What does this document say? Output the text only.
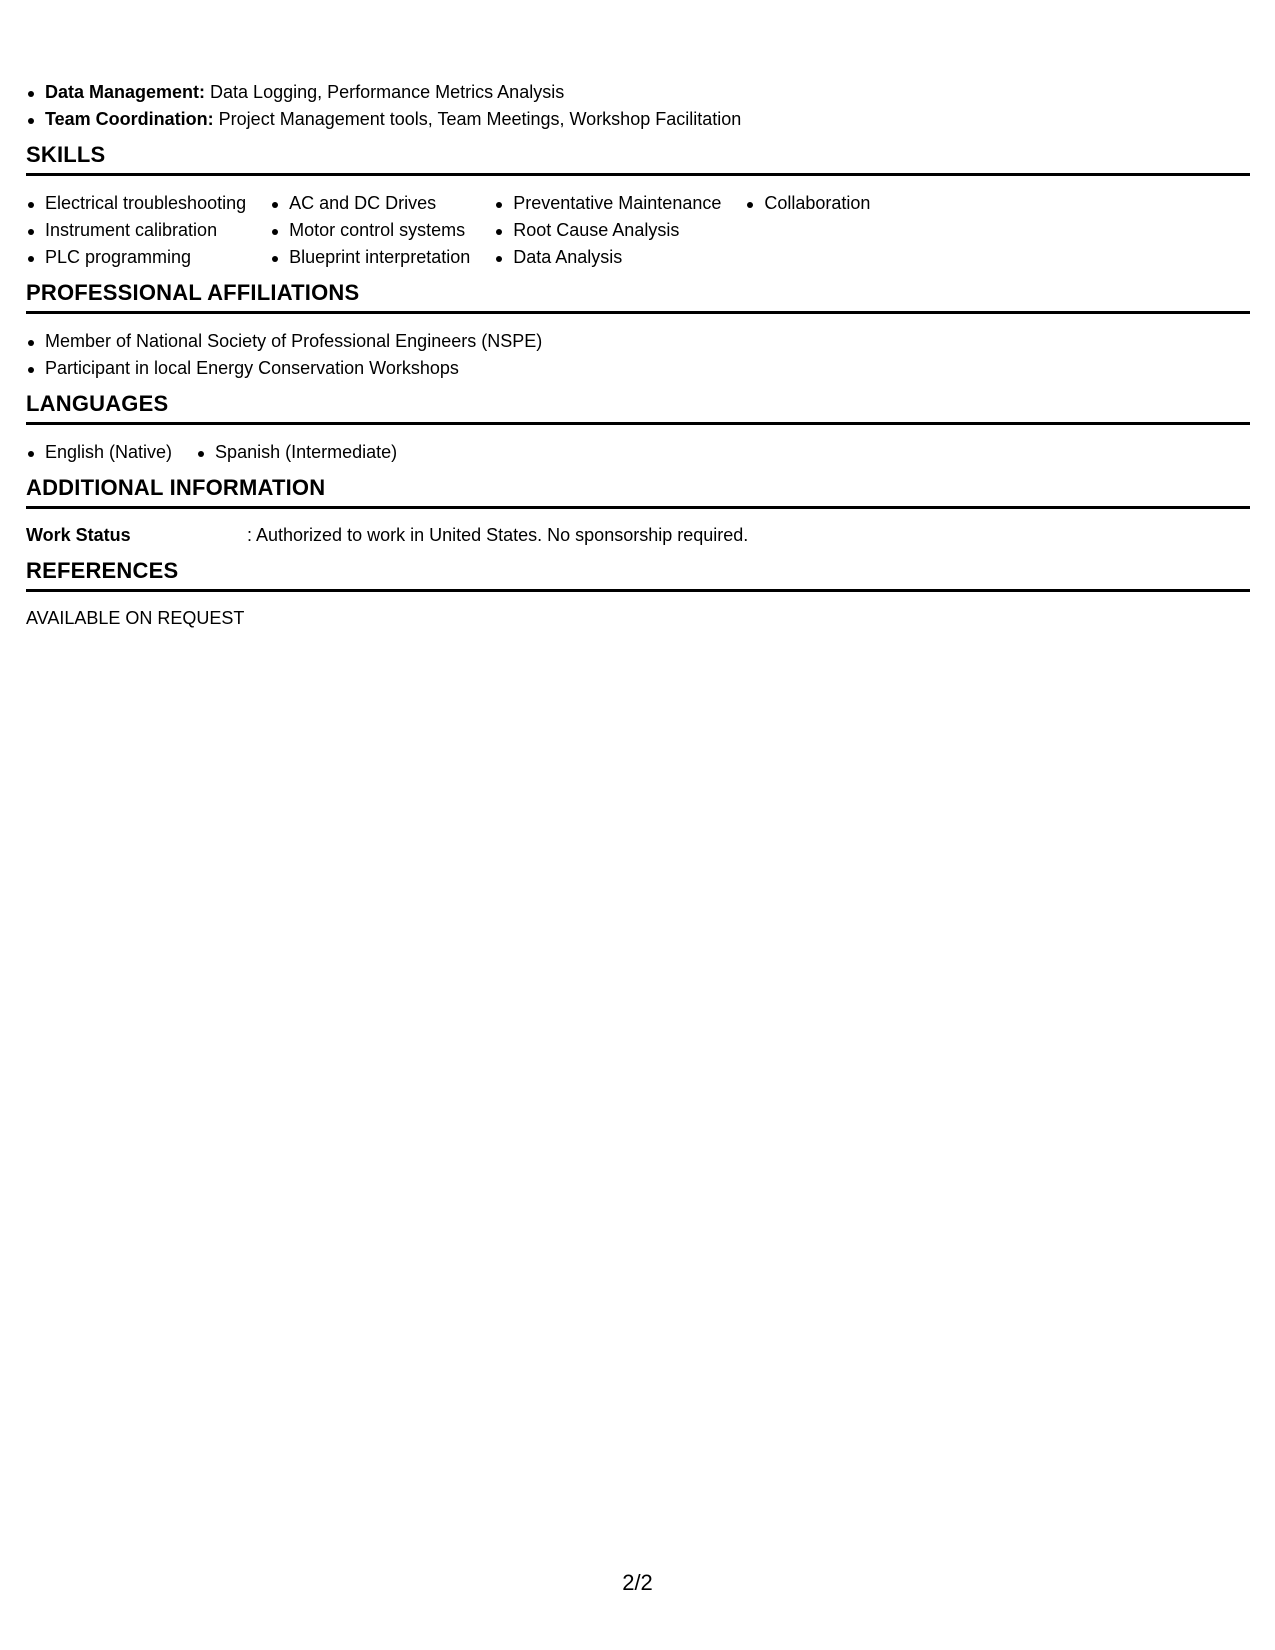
Data Management: Data Logging, Performance Metrics Analysis
Team Coordination: Project Management tools, Team Meetings, Workshop Facilitation
SKILLS
Electrical troubleshooting
Instrument calibration
PLC programming
AC and DC Drives
Motor control systems
Blueprint interpretation
Preventative Maintenance
Root Cause Analysis
Data Analysis
Collaboration
PROFESSIONAL AFFILIATIONS
Member of National Society of Professional Engineers (NSPE)
Participant in local Energy Conservation Workshops
LANGUAGES
English (Native)	Spanish (Intermediate)
ADDITIONAL INFORMATION
Work Status	: Authorized to work in United States. No sponsorship required.
REFERENCES
AVAILABLE ON REQUEST
2/2
